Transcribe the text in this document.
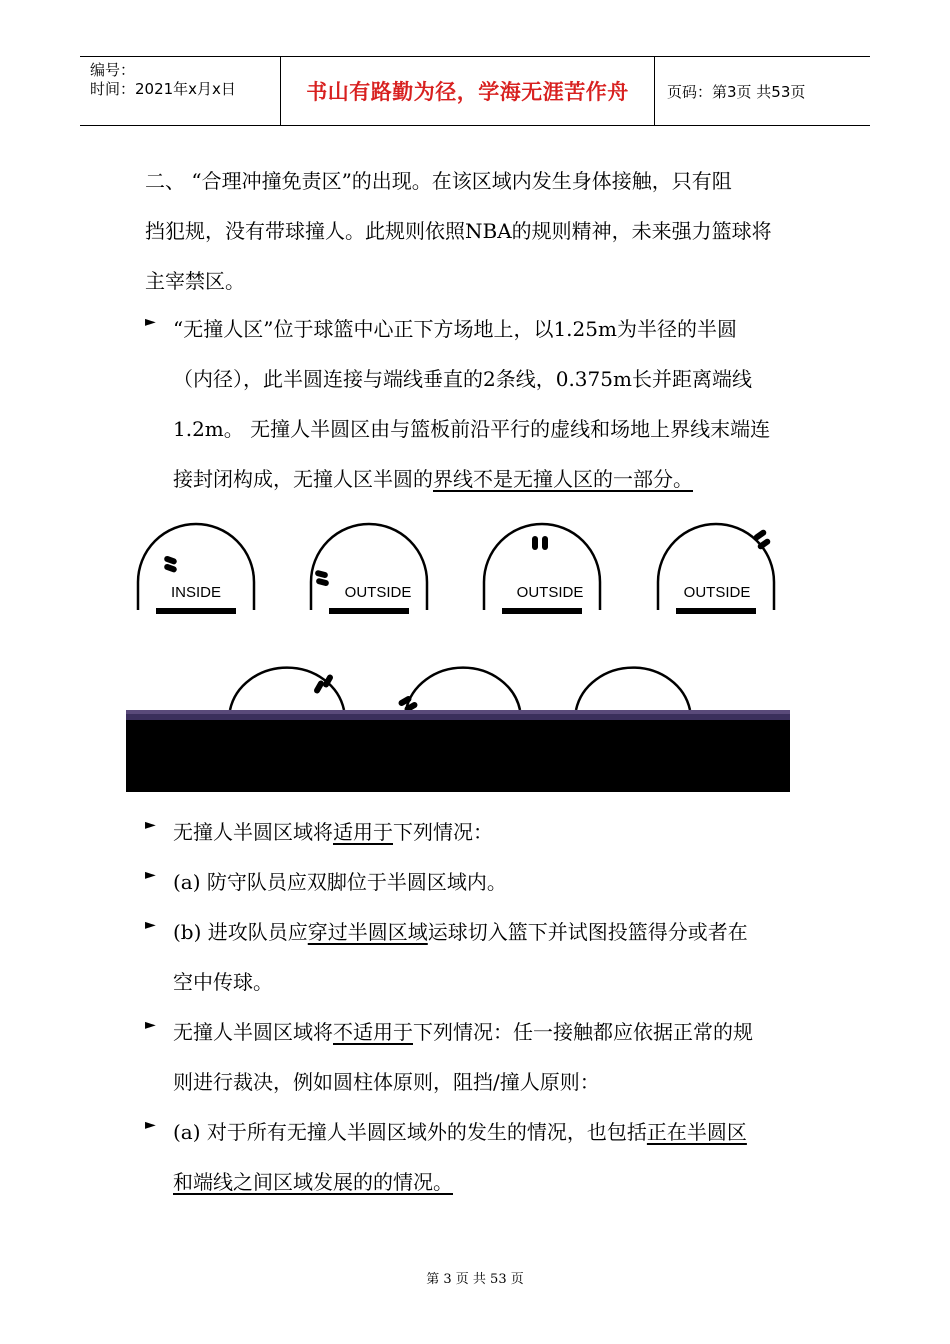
编号：
时间：2021年x月x日	书山有路勤为径，学海无涯苦作舟	页码：第3页 共53页
二、 “合理冲撞免责区”的出现。在该区域内发生身体接触，只有阻
挡犯规，没有带球撞人。此规则依照NBA的规则精神，未来强力篮球将
主宰禁区。
► “无撞人区”位于球篮中心正下方场地上，以1.25m为半径的半圆
（内径），此半圆连接与端线垂直的2条线，0.375m长并距离端线
1.2m。 无撞人半圆区由与篮板前沿平行的虚线和场地上界线末端连
接封闭构成，无撞人区半圆的界线不是无撞人区的一部分。
INSIDE	OUTSIDE	OUTSIDE	OUTSIDE
► 无撞人半圆区域将适用于下列情况：
► (a) 防守队员应双脚位于半圆区域内。
► (b) 进攻队员应穿过半圆区域运球切入篮下并试图投篮得分或者在
空中传球。
► 无撞人半圆区域将不适用于下列情况：任一接触都应依据正常的规
则进行裁决，例如圆柱体原则，阻挡/撞人原则：
► (a) 对于所有无撞人半圆区域外的发生的情况，也包括正在半圆区
和端线之间区域发展的的情况。
第 3 页 共 53 页
